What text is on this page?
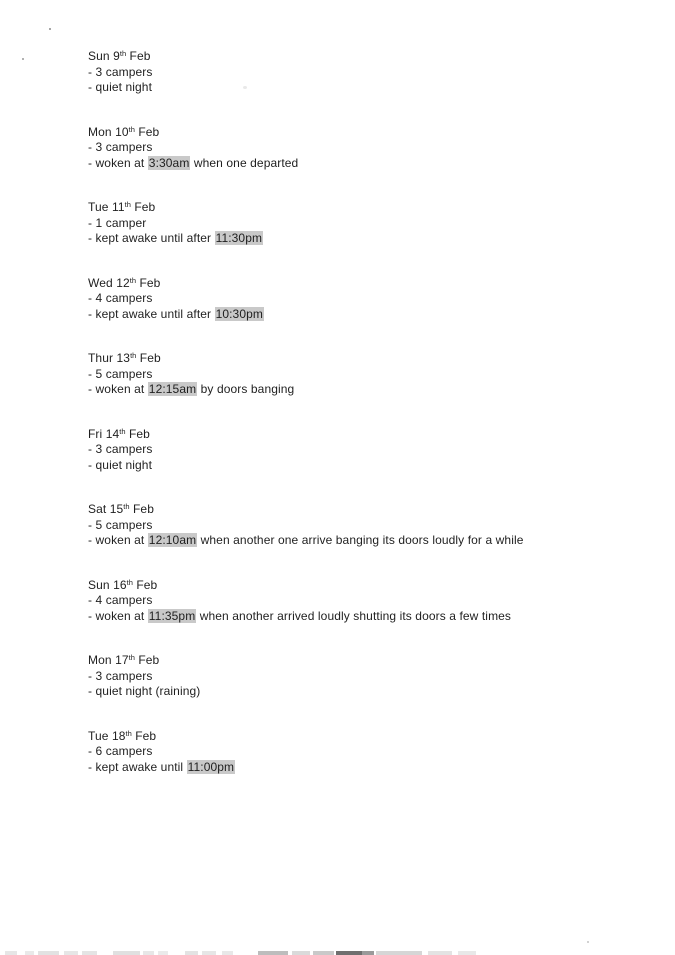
Sun 9th Feb
- 3 campers
- quiet night
Mon 10th Feb
- 3 campers
- woken at 3:30am when one departed
Tue 11th Feb
- 1 camper
- kept awake until after 11:30pm
Wed 12th Feb
- 4 campers
- kept awake until after 10:30pm
Thur 13th Feb
- 5 campers
- woken at 12:15am by doors banging
Fri 14th Feb
- 3 campers
- quiet night
Sat 15th Feb
- 5 campers
- woken at 12:10am when another one arrive banging its doors loudly for a while
Sun 16th Feb
- 4 campers
- woken at 11:35pm when another arrived loudly shutting its doors a few times
Mon 17th Feb
- 3 campers
- quiet night (raining)
Tue 18th Feb
- 6 campers
- kept awake until 11:00pm
